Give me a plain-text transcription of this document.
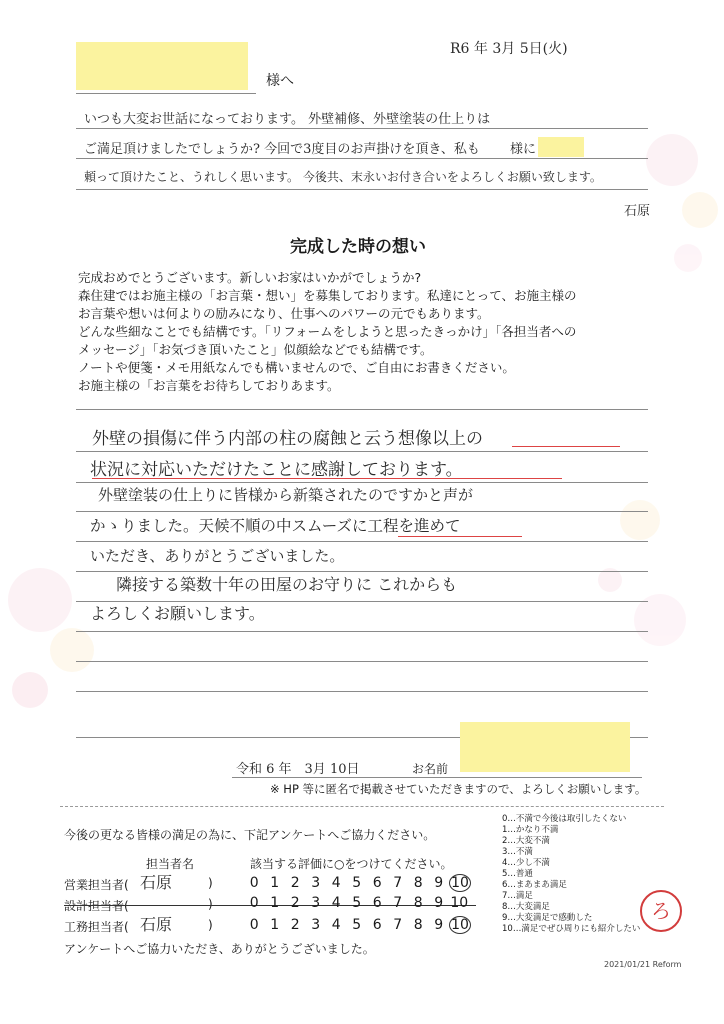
R6 年 3月 5日(火)
様へ
いつも大変お世話になっております。 外壁補修、外壁塗装の仕上りは
ご満足頂けましたでしょうか? 今回で3度目のお声掛けを頂き、私も　　 様に
頼って頂けたこと、うれしく思います。 今後共、末永いお付き合いをよろしくお願い致します。
石原
完成した時の想い
完成おめでとうございます。新しいお家はいかがでしょうか?
森住建ではお施主様の「お言葉・想い」を募集しております。私達にとって、お施主様の
お言葉や想いは何よりの励みになり、仕事へのパワーの元でもあります。
どんな些細なことでも結構です。「リフォームをしようと思ったきっかけ」「各担当者への
メッセージ」「お気づき頂いたこと」似顔絵などでも結構です。
ノートや便箋・メモ用紙なんでも構いませんので、ご自由にお書きください。
お施主様の「お言葉をお待ちしておりあます。
外壁の損傷に伴う内部の柱の腐蝕と云う想像以上の
状況に対応いただけたことに感謝しております。
外壁塗装の仕上りに皆様から新築されたのですかと声が
かゝりました。天候不順の中スムーズに工程を進めて
いただき、ありがとうございました。
隣接する築数十年の田屋のお守りに これからも
よろしくお願いします。
令和 6 年　3月 10日	お名前
※ HP 等に匿名で掲載させていただきますので、よろしくお願いします。
今後の更なる皆様の満足の為に、下記アンケートへご協力ください。
担当者名	該当する評価に○をつけてください。
営業担当者( 石原	)	0 1 2 3 4 5 6 7 8 9 10
設計担当者(	)	0 1 2 3 4 5 6 7 8 9 10
工務担当者( 石原	)	0 1 2 3 4 5 6 7 8 9 10
アンケートへご協力いただき、ありがとうございました。
0…不満で今後は取引したくない
1…かなり不満
2…大変不満
3…不満
4…少し不満
5…普通
6…まあまあ満足
7…満足
8…大変満足
9…大変満足で感動した
10…満足でぜひ周りにも紹介したい
ろ
2021/01/21 Reform
